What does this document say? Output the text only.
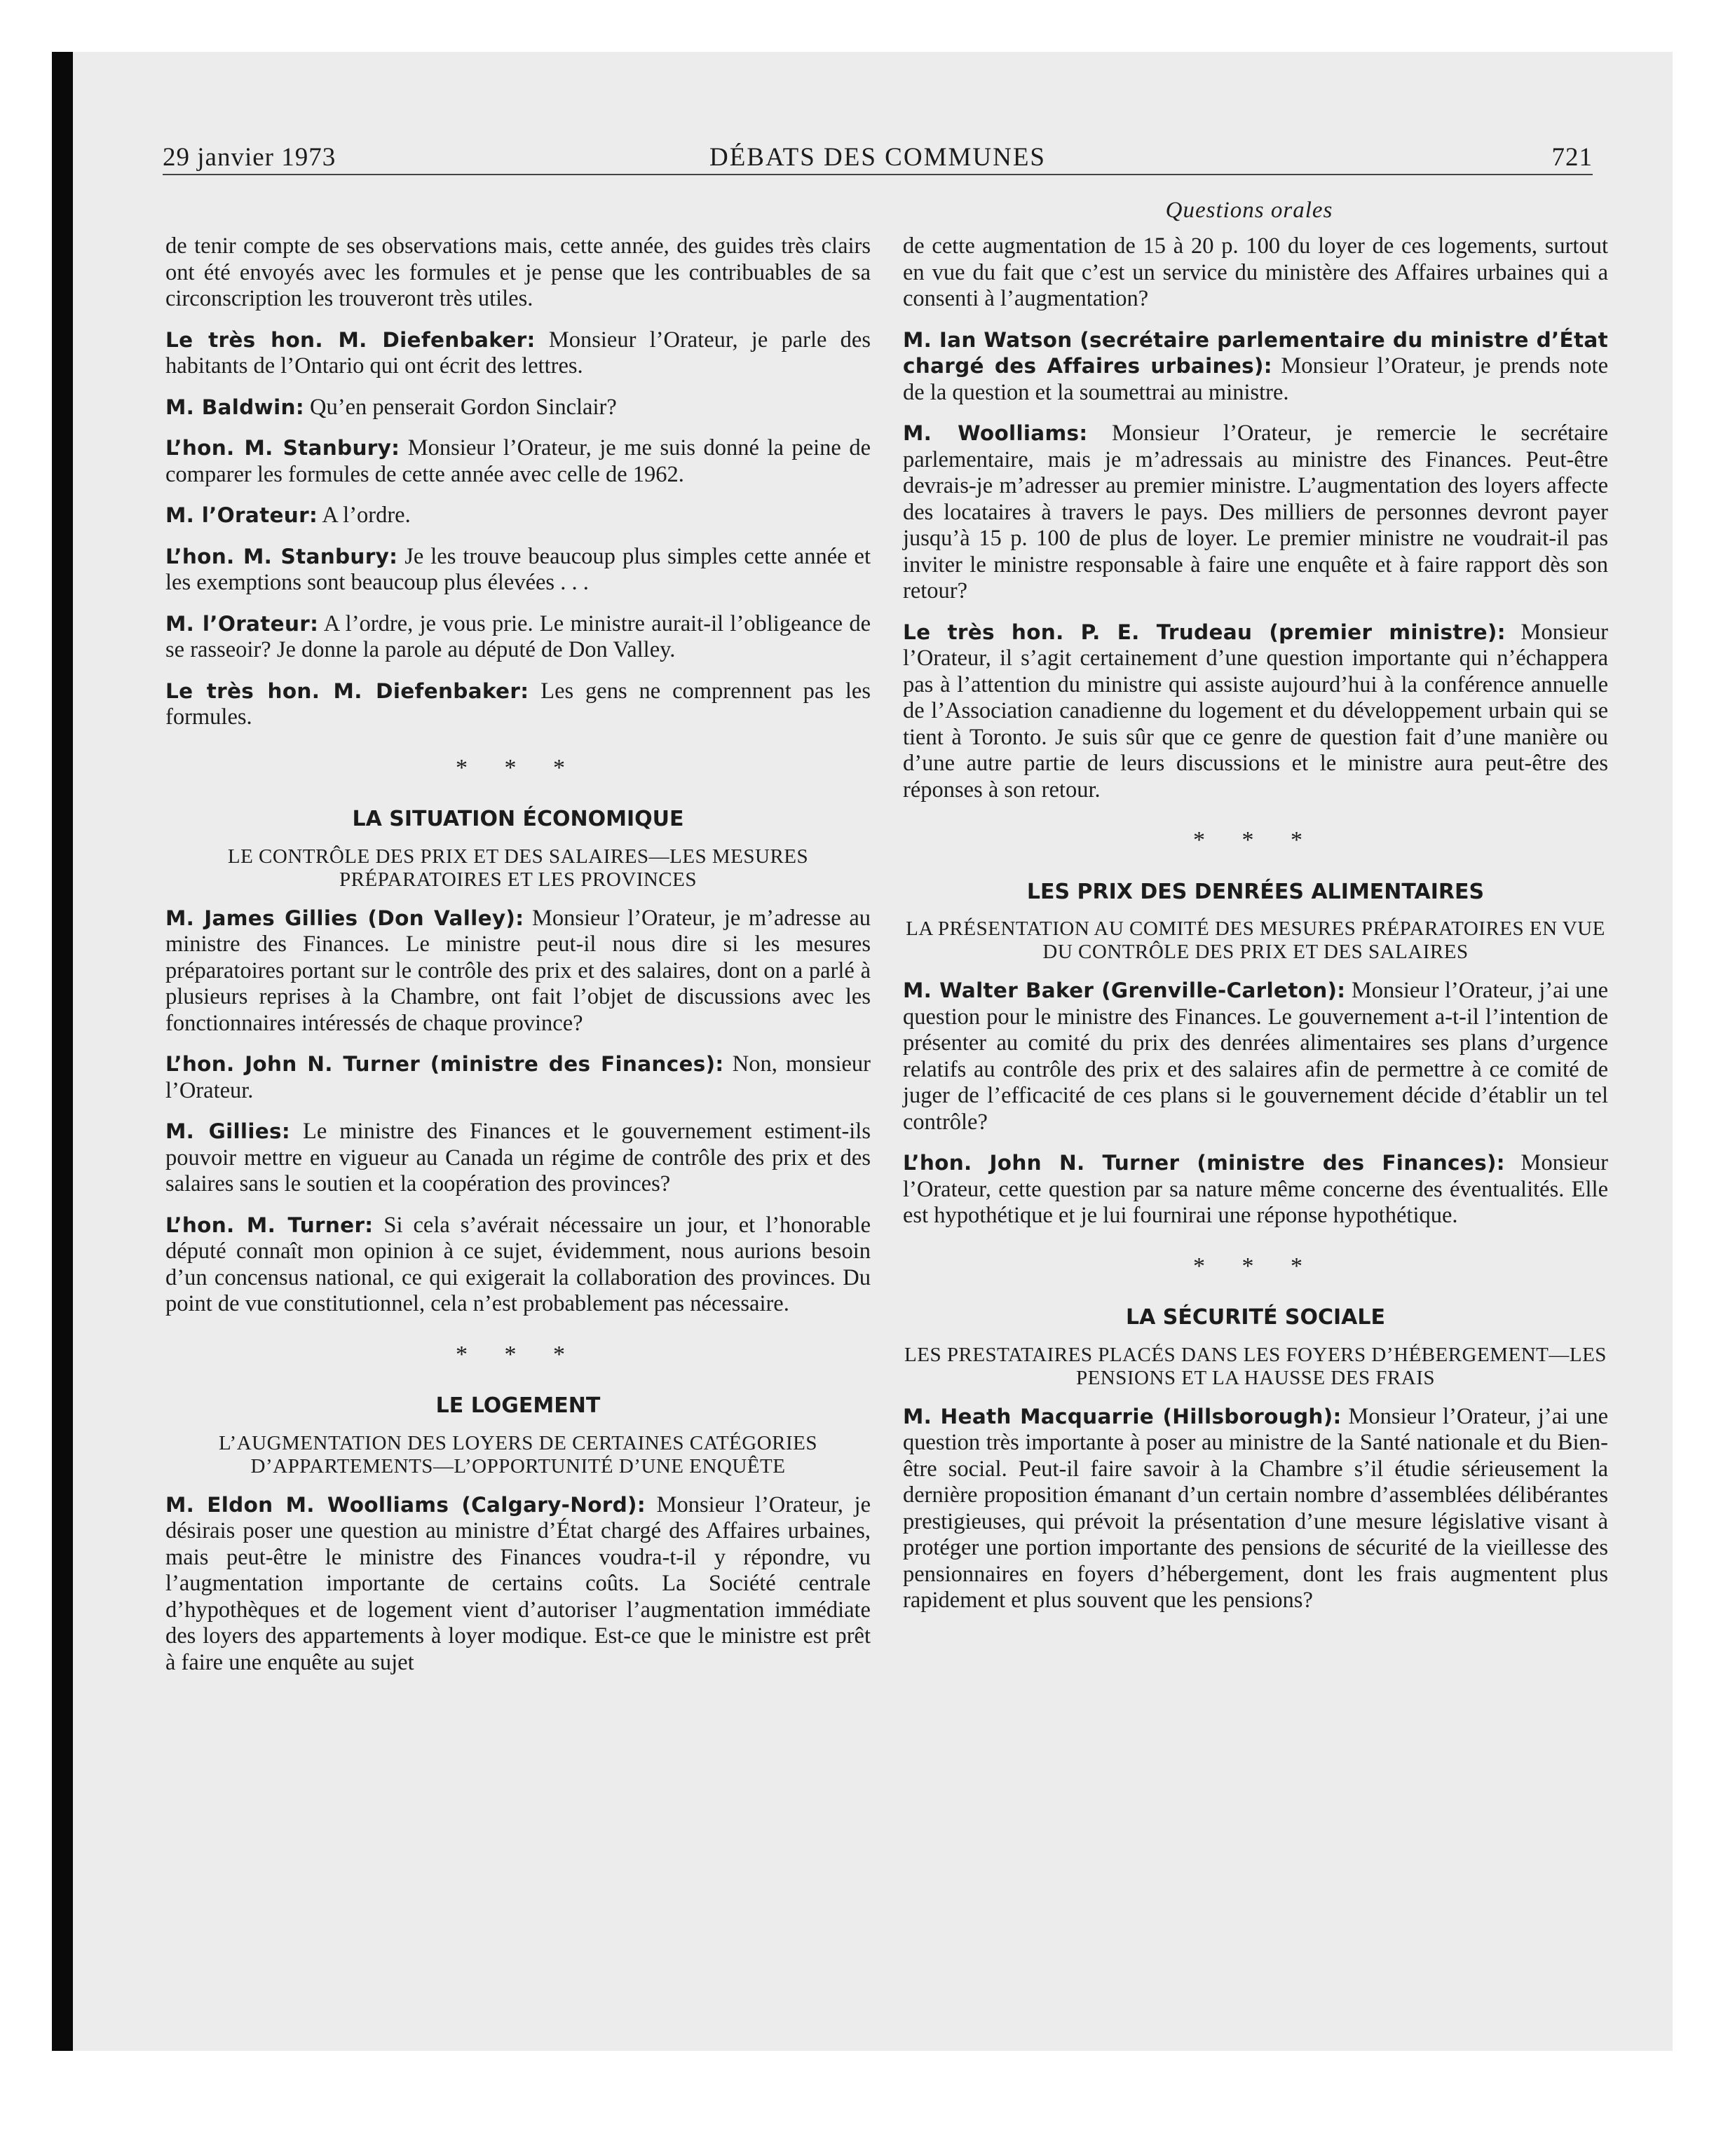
29 janvier 1973	DÉBATS DES COMMUNES	721
Questions orales

de tenir compte de ses observations mais, cette année, des guides très clairs ont été envoyés avec les formules et je pense que les contribuables de sa circonscription les trouveront très utiles.

Le très hon. M. Diefenbaker: Monsieur l’Orateur, je parle des habitants de l’Ontario qui ont écrit des lettres.

M. Baldwin: Qu’en penserait Gordon Sinclair?

L’hon. M. Stanbury: Monsieur l’Orateur, je me suis donné la peine de comparer les formules de cette année avec celle de 1962.

M. l’Orateur: A l’ordre.

L’hon. M. Stanbury: Je les trouve beaucoup plus simples cette année et les exemptions sont beaucoup plus élevées . . .

M. l’Orateur: A l’ordre, je vous prie. Le ministre aurait-il l’obligeance de se rasseoir? Je donne la parole au député de Don Valley.

Le très hon. M. Diefenbaker: Les gens ne comprennent pas les formules.

* * *
LA SITUATION ÉCONOMIQUE
LE CONTRÔLE DES PRIX ET DES SALAIRES—LES MESURES PRÉPARATOIRES ET LES PROVINCES

M. James Gillies (Don Valley): Monsieur l’Orateur, je m’adresse au ministre des Finances. Le ministre peut-il nous dire si les mesures préparatoires portant sur le contrôle des prix et des salaires, dont on a parlé à plusieurs reprises à la Chambre, ont fait l’objet de discussions avec les fonctionnaires intéressés de chaque province?

L’hon. John N. Turner (ministre des Finances): Non, monsieur l’Orateur.

M. Gillies: Le ministre des Finances et le gouvernement estiment-ils pouvoir mettre en vigueur au Canada un régime de contrôle des prix et des salaires sans le soutien et la coopération des provinces?

L’hon. M. Turner: Si cela s’avérait nécessaire un jour, et l’honorable député connaît mon opinion à ce sujet, évidemment, nous aurions besoin d’un concensus national, ce qui exigerait la collaboration des provinces. Du point de vue constitutionnel, cela n’est probablement pas nécessaire.

* * *
LE LOGEMENT
L’AUGMENTATION DES LOYERS DE CERTAINES CATÉGORIES D’APPARTEMENTS—L’OPPORTUNITÉ D’UNE ENQUÊTE

M. Eldon M. Woolliams (Calgary-Nord): Monsieur l’Orateur, je désirais poser une question au ministre d’État chargé des Affaires urbaines, mais peut-être le ministre des Finances voudra-t-il y répondre, vu l’augmentation importante de certains coûts. La Société centrale d’hypothèques et de logement vient d’autoriser l’augmentation immédiate des loyers des appartements à loyer modique. Est-ce que le ministre est prêt à faire une enquête au sujet

de cette augmentation de 15 à 20 p. 100 du loyer de ces logements, surtout en vue du fait que c’est un service du ministère des Affaires urbaines qui a consenti à l’augmentation?

M. Ian Watson (secrétaire parlementaire du ministre d’État chargé des Affaires urbaines): Monsieur l’Orateur, je prends note de la question et la soumettrai au ministre.

M. Woolliams: Monsieur l’Orateur, je remercie le secrétaire parlementaire, mais je m’adressais au ministre des Finances. Peut-être devrais-je m’adresser au premier ministre. L’augmentation des loyers affecte des locataires à travers le pays. Des milliers de personnes devront payer jusqu’à 15 p. 100 de plus de loyer. Le premier ministre ne voudrait-il pas inviter le ministre responsable à faire une enquête et à faire rapport dès son retour?

Le très hon. P. E. Trudeau (premier ministre): Monsieur l’Orateur, il s’agit certainement d’une question importante qui n’échappera pas à l’attention du ministre qui assiste aujourd’hui à la conférence annuelle de l’Association canadienne du logement et du développement urbain qui se tient à Toronto. Je suis sûr que ce genre de question fait d’une manière ou d’une autre partie de leurs discussions et le ministre aura peut-être des réponses à son retour.

* * *
LES PRIX DES DENRÉES ALIMENTAIRES
LA PRÉSENTATION AU COMITÉ DES MESURES PRÉPARATOIRES EN VUE DU CONTRÔLE DES PRIX ET DES SALAIRES

M. Walter Baker (Grenville-Carleton): Monsieur l’Orateur, j’ai une question pour le ministre des Finances. Le gouvernement a-t-il l’intention de présenter au comité du prix des denrées alimentaires ses plans d’urgence relatifs au contrôle des prix et des salaires afin de permettre à ce comité de juger de l’efficacité de ces plans si le gouvernement décide d’établir un tel contrôle?

L’hon. John N. Turner (ministre des Finances): Monsieur l’Orateur, cette question par sa nature même concerne des éventualités. Elle est hypothétique et je lui fournirai une réponse hypothétique.

* * *
LA SÉCURITÉ SOCIALE
LES PRESTATAIRES PLACÉS DANS LES FOYERS D’HÉBERGEMENT—LES PENSIONS ET LA HAUSSE DES FRAIS

M. Heath Macquarrie (Hillsborough): Monsieur l’Orateur, j’ai une question très importante à poser au ministre de la Santé nationale et du Bien-être social. Peut-il faire savoir à la Chambre s’il étudie sérieusement la dernière proposition émanant d’un certain nombre d’assemblées délibérantes prestigieuses, qui prévoit la présentation d’une mesure législative visant à protéger une portion importante des pensions de sécurité de la vieillesse des pensionnaires en foyers d’hébergement, dont les frais augmentent plus rapidement et plus souvent que les pensions?
